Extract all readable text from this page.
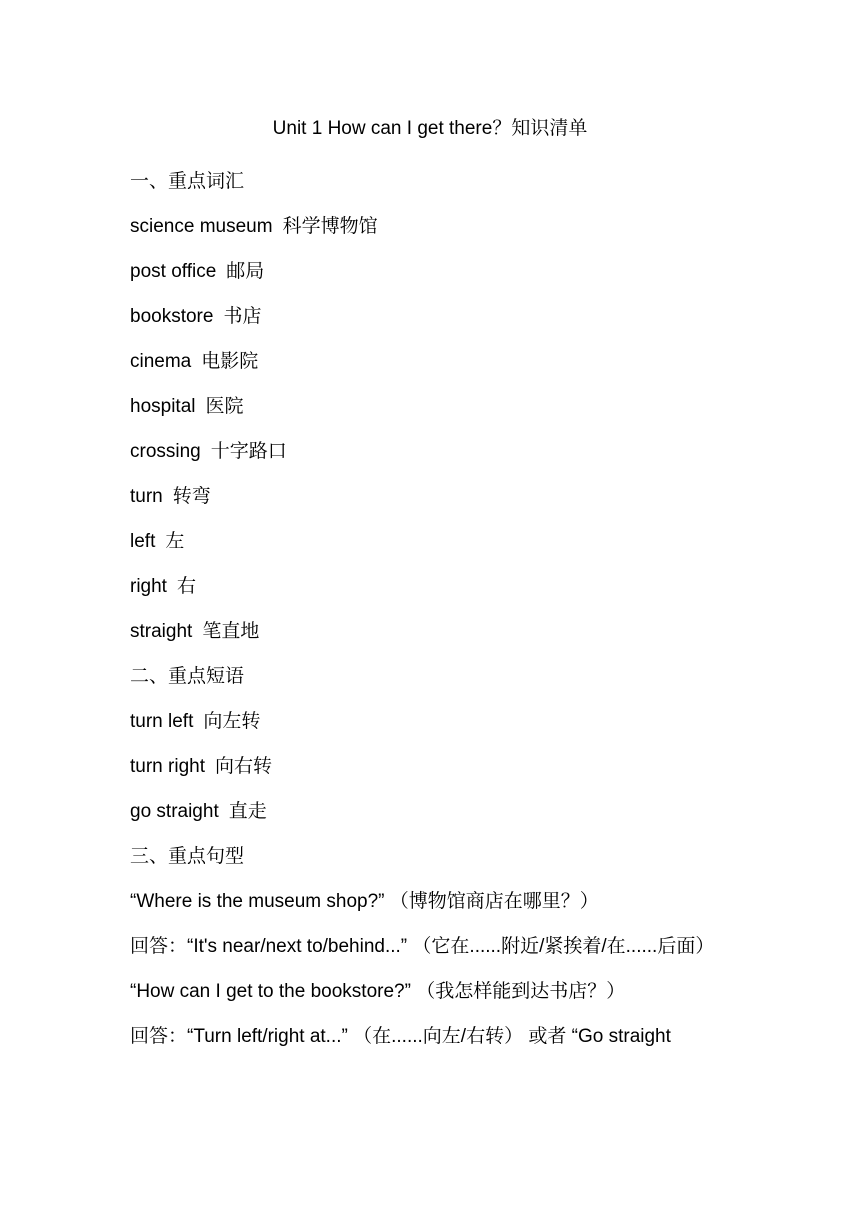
Unit 1 How can I get there？知识清单
一、重点词汇
science museum 科学博物馆
post office 邮局
bookstore 书店
cinema 电影院
hospital 医院
crossing 十字路口
turn 转弯
left 左
right 右
straight 笔直地
二、重点短语
turn left 向左转
turn right 向右转
go straight 直走
三、重点句型
“Where is the museum shop?” （博物馆商店在哪里？）
回答：“It's near/next to/behind...” （它在......附近/紧挨着/在......后面）
“How can I get to the bookstore?” （我怎样能到达书店？）
回答：“Turn left/right at...” （在......向左/右转） 或者 “Go straight
